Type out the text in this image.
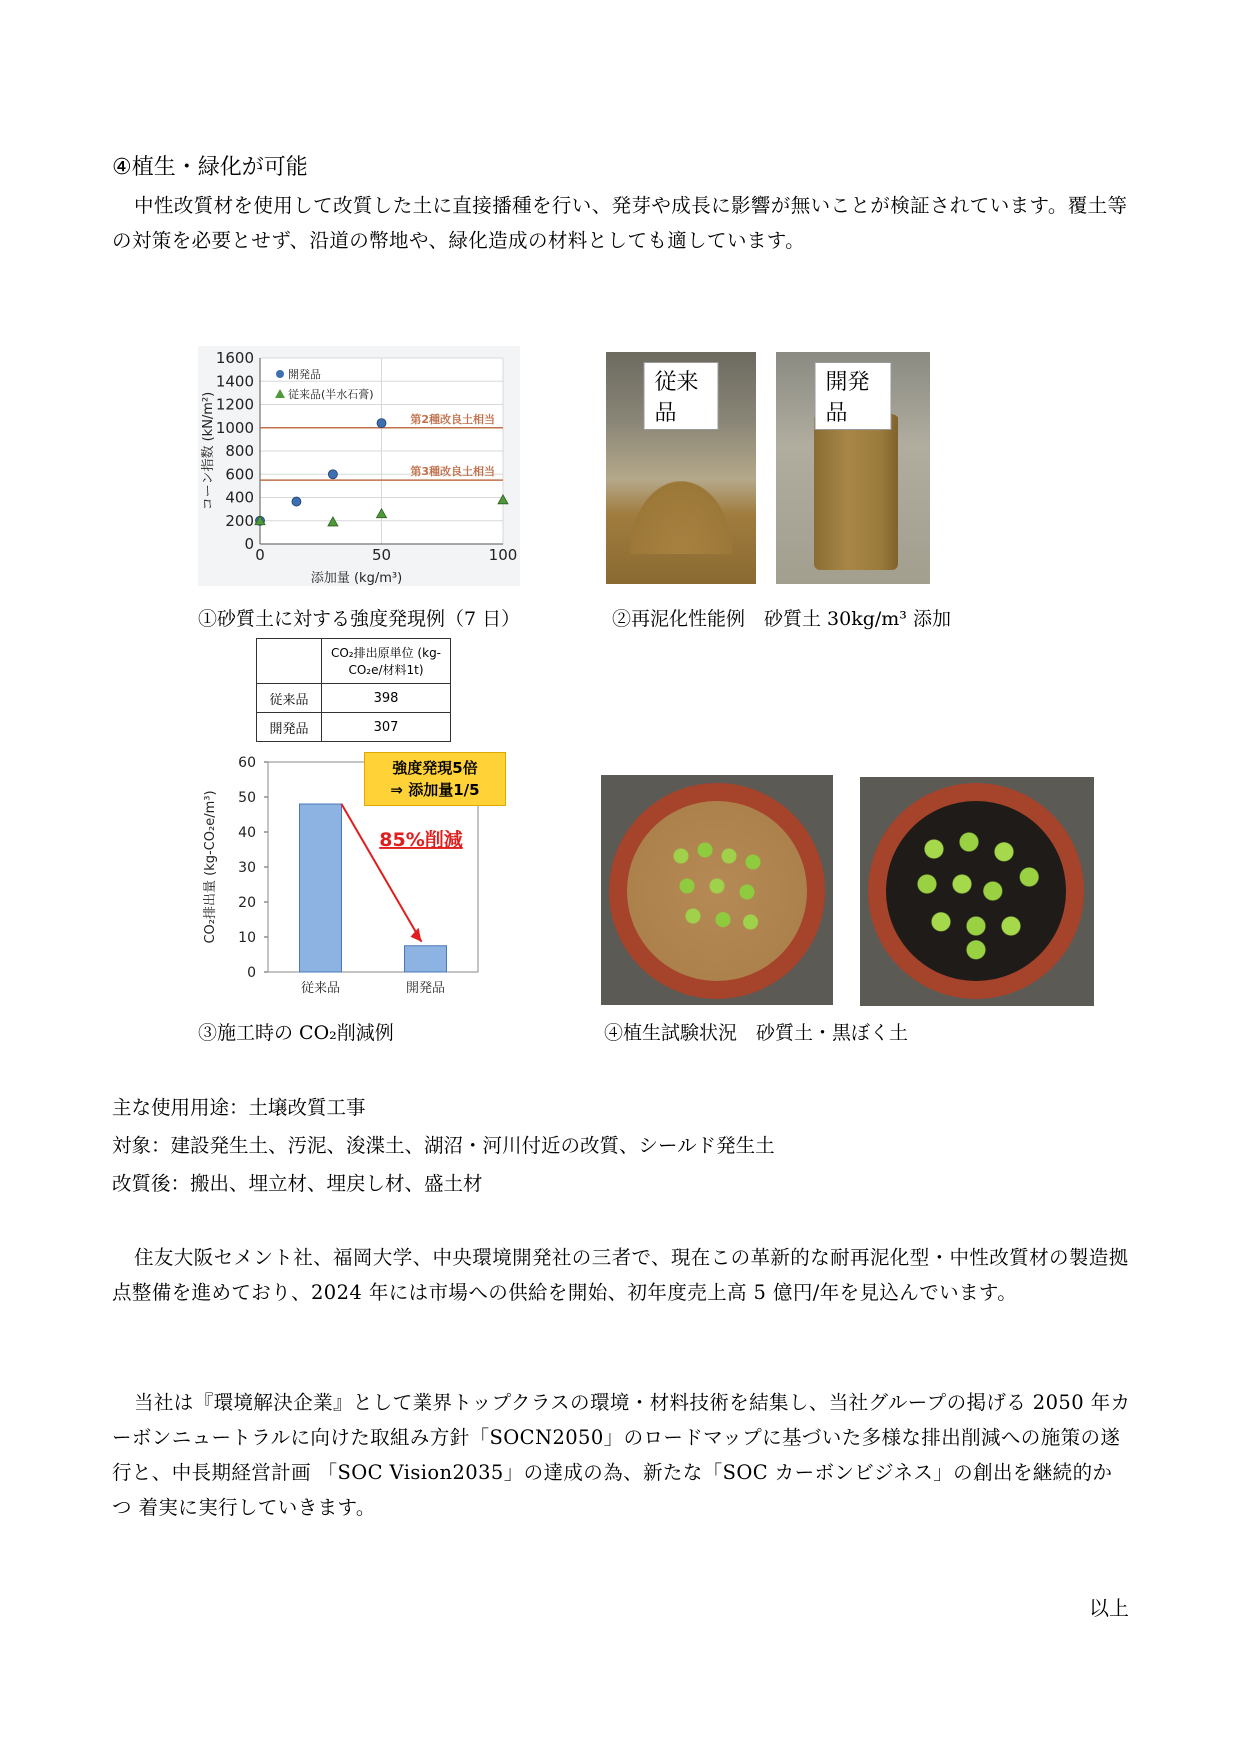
④植生・緑化が可能
中性改質材を使用して改質した土に直接播種を行い、発芽や成長に影響が無いことが検証されています。覆土等の対策を必要とせず、沿道の幣地や、緑化造成の材料としても適しています。
0
200
400
600
800
1000
1200
1400
1600
0	50	100
第2種改良土相当
第3種改良土相当
開発品
従来品(半水石膏)
添加量 (kg/m³)
コーン指数 (kN/m²)
①砂質土に対する強度発現例（7 日）
従来品
開発品
②再泥化性能例　砂質土 30kg/m³ 添加
	CO₂排出原単位 (kg-CO₂e/材料1t)
従来品	398
開発品	307
0
10
20
30
40
50
60
従来品	開発品
85%削減
CO₂排出量 (kg-CO₂e/m³)
強度発現5倍
⇒ 添加量1/5
③施工時の CO₂削減例	④植生試験状況　砂質土・黒ぼく土
主な使用用途：土壌改質工事
対象：建設発生土、汚泥、浚渫土、湖沼・河川付近の改質、シールド発生土
改質後：搬出、埋立材、埋戻し材、盛土材
住友大阪セメント社、福岡大学、中央環境開発社の三者で、現在この革新的な耐再泥化型・中性改質材の製造拠点整備を進めており、2024 年には市場への供給を開始、初年度売上高 5 億円/年を見込んでいます。
当社は『環境解決企業』として業界トップクラスの環境・材料技術を結集し、当社グループの掲げる 2050 年カーボンニュートラルに向けた取組み方針「SOCN2050」のロードマップに基づいた多様な排出削減への施策の遂行と、中長期経営計画 「SOC Vision2035」の達成の為、新たな「SOC カーボンビジネス」の創出を継続的かつ 着実に実行していきます。
以上
